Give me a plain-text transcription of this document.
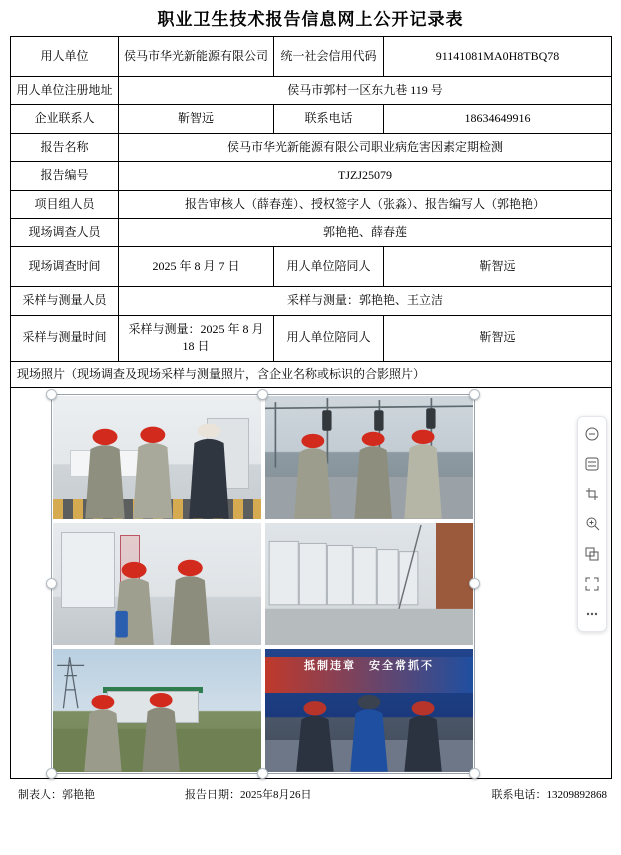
职业卫生技术报告信息网上公开记录表
用人单位	侯马市华光新能源有限公司	统一社会信用代码	91141081MA0H8TBQ78
用人单位注册地址	侯马市郭村一区东九巷 119 号		
企业联系人	靳智远	联系电话	18634649916
报告名称	侯马市华光新能源有限公司职业病危害因素定期检测		
报告编号	TJZJ25079		
项目组人员	报告审核人（薛春莲）、授权签字人（张淼）、报告编写人（郭艳艳）		
现场调查人员	郭艳艳、薛春莲		
现场调查时间	2025 年 8 月 7 日	用人单位陪同人	靳智远
采样与测量人员	采样与测量：郭艳艳、王立洁		
采样与测量时间	采样与测量：2025 年 8 月 18 日	用人单位陪同人	靳智远
现场照片（现场调查及现场采样与测量照片，含企业名称或标识的合影照片）			

抵制违章　安全常抓不			
制表人：郭艳艳	报告日期：2025年8月26日	联系电话：13209892868
